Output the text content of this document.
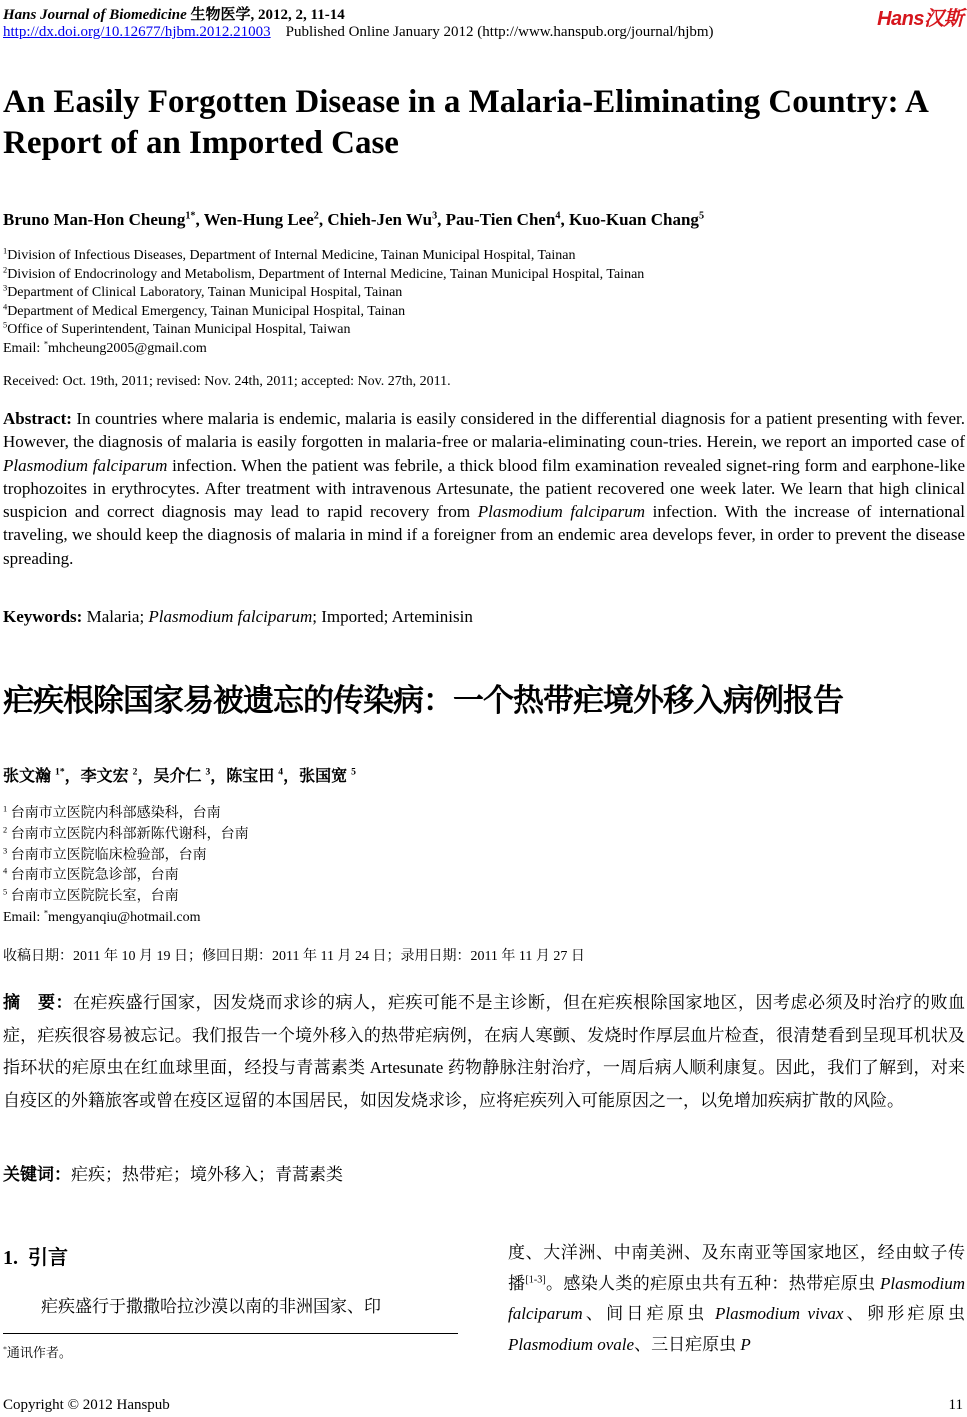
Hans Journal of Biomedicine 生物医学, 2012, 2, 11-14
http://dx.doi.org/10.12677/hjbm.2012.21003 Published Online January 2012 (http://www.hanspub.org/journal/hjbm)
Hans汉斯
An Easily Forgotten Disease in a Malaria-Eliminating Country: A Report of an Imported Case
Bruno Man-Hon Cheung$^{1*}$, Wen-Hung Lee$^2$, Chieh-Jen Wu$^3$, Pau-Tien Chen$^4$, Kuo-Kuan Chang$^5$
$^1$Division of Infectious Diseases, Department of Internal Medicine, Tainan Municipal Hospital, Tainan
$^2$Division of Endocrinology and Metabolism, Department of Internal Medicine, Tainan Municipal Hospital, Tainan
$^3$Department of Clinical Laboratory, Tainan Municipal Hospital, Tainan
$^4$Department of Medical Emergency, Tainan Municipal Hospital, Tainan
$^5$Office of Superintendent, Tainan Municipal Hospital, Taiwan
Email: *mhcheung2005@gmail.com
Received: Oct. 19th, 2011; revised: Nov. 24th, 2011; accepted: Nov. 27th, 2011.
Abstract: In countries where malaria is endemic, malaria is easily considered in the differential diagnosis for a patient presenting with fever. However, the diagnosis of malaria is easily forgotten in malaria-free or malaria-eliminating coun-tries. Herein, we report an imported case of Plasmodium falciparum infection. When the patient was febrile, a thick blood film examination revealed signet-ring form and earphone-like trophozoites in erythrocytes. After treatment with intravenous Artesunate, the patient recovered one week later. We learn that high clinical suspicion and correct diagnosis may lead to rapid recovery from Plasmodium falciparum infection. With the increase of international traveling, we should keep the diagnosis of malaria in mind if a foreigner from an endemic area develops fever, in order to prevent the disease spreading.
Keywords: Malaria; Plasmodium falciparum; Imported; Arteminisin
疟疾根除国家易被遗忘的传染病：一个热带疟境外移入病例报告
张文瀚 $^{1*}$，李文宏 $^2$，吴介仁 $^3$，陈宝田 $^4$，张国宽 $^5$
$^1$ 台南市立医院内科部感染科，台南
$^2$ 台南市立医院内科部新陈代谢科，台南
$^3$ 台南市立医院临床检验部，台南
$^4$ 台南市立医院急诊部，台南
$^5$ 台南市立医院院长室，台南
Email: *mengyanqiu@hotmail.com
收稿日期：2011 年 10 月 19 日；修回日期：2011 年 11 月 24 日；录用日期：2011 年 11 月 27 日
摘　要：在疟疾盛行国家，因发烧而求诊的病人，疟疾可能不是主诊断，但在疟疾根除国家地区，因考虑必须及时治疗的败血症，疟疾很容易被忘记。我们报告一个境外移入的热带疟病例，在病人寒颤、发烧时作厚层血片检查，很清楚看到呈现耳机状及指环状的疟原虫在红血球里面，经投与青蒿素类 Artesunate 药物静脉注射治疗，一周后病人顺利康复。因此，我们了解到，对来自疫区的外籍旅客或曾在疫区逗留的本国居民，如因发烧求诊，应将疟疾列入可能原因之一，以免增加疾病扩散的风险。
关键词：疟疾；热带疟；境外移入；青蒿素类
1. 引言
疟疾盛行于撒撒哈拉沙漠以南的非洲国家、印
*通讯作者。
度、大洋洲、中南美洲、及东南亚等国家地区，经由蚊子传播[1-3]。感染人类的疟原虫共有五种：热带疟原虫 Plasmodium falciparum、间日疟原虫 Plasmodium vivax、卵形疟原虫 Plasmodium ovale、三日疟原虫 P
Copyright © 2012 Hanspub	11
